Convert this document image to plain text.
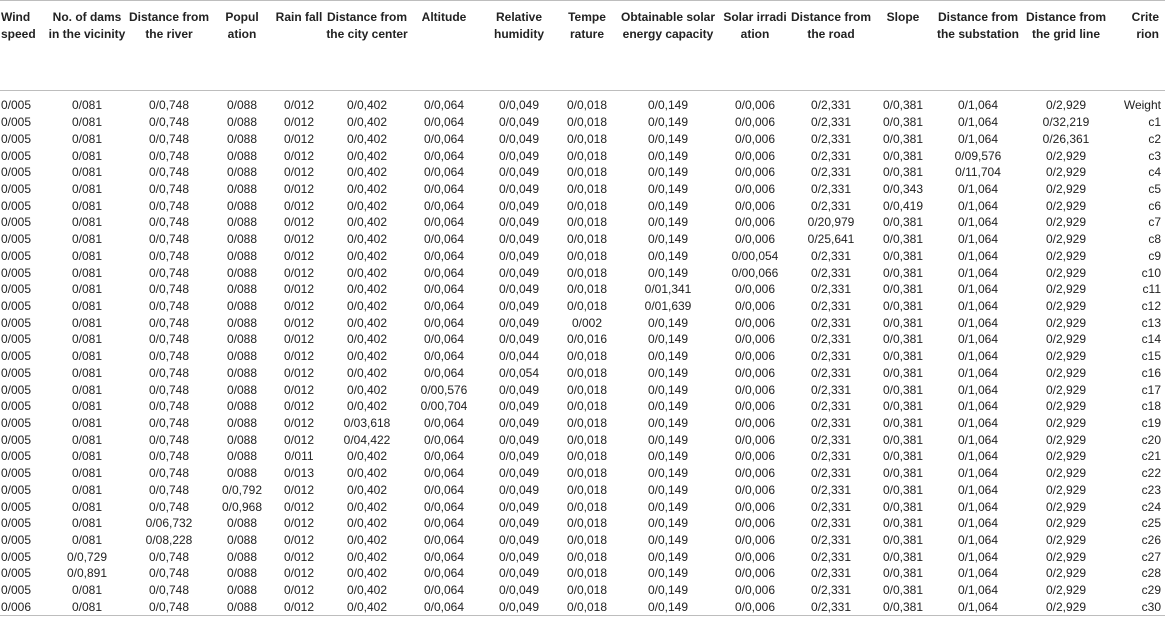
Wind speed	No. of dams in the vicinity	Distance from the river	Popul ation	Rain fall	Distance from the city center	Altitude	Relative humidity	Tempe rature	Obtainable solar energy capacity	Solar irradi ation	Distance from the road	Slope	Distance from the substation	Distance from the grid line	Crite rion

0/005	0/081	0/0,748	0/088	0/012	0/0,402	0/0,064	0/0,049	0/0,018	0/0,149	0/0,006	0/2,331	0/0,381	0/1,064	0/2,929	Weight
0/005	0/081	0/0,748	0/088	0/012	0/0,402	0/0,064	0/0,049	0/0,018	0/0,149	0/0,006	0/2,331	0/0,381	0/1,064	0/32,219	c1
0/005	0/081	0/0,748	0/088	0/012	0/0,402	0/0,064	0/0,049	0/0,018	0/0,149	0/0,006	0/2,331	0/0,381	0/1,064	0/26,361	c2
0/005	0/081	0/0,748	0/088	0/012	0/0,402	0/0,064	0/0,049	0/0,018	0/0,149	0/0,006	0/2,331	0/0,381	0/09,576	0/2,929	c3
0/005	0/081	0/0,748	0/088	0/012	0/0,402	0/0,064	0/0,049	0/0,018	0/0,149	0/0,006	0/2,331	0/0,381	0/11,704	0/2,929	c4
0/005	0/081	0/0,748	0/088	0/012	0/0,402	0/0,064	0/0,049	0/0,018	0/0,149	0/0,006	0/2,331	0/0,343	0/1,064	0/2,929	c5
0/005	0/081	0/0,748	0/088	0/012	0/0,402	0/0,064	0/0,049	0/0,018	0/0,149	0/0,006	0/2,331	0/0,419	0/1,064	0/2,929	c6
0/005	0/081	0/0,748	0/088	0/012	0/0,402	0/0,064	0/0,049	0/0,018	0/0,149	0/0,006	0/20,979	0/0,381	0/1,064	0/2,929	c7
0/005	0/081	0/0,748	0/088	0/012	0/0,402	0/0,064	0/0,049	0/0,018	0/0,149	0/0,006	0/25,641	0/0,381	0/1,064	0/2,929	c8
0/005	0/081	0/0,748	0/088	0/012	0/0,402	0/0,064	0/0,049	0/0,018	0/0,149	0/00,054	0/2,331	0/0,381	0/1,064	0/2,929	c9
0/005	0/081	0/0,748	0/088	0/012	0/0,402	0/0,064	0/0,049	0/0,018	0/0,149	0/00,066	0/2,331	0/0,381	0/1,064	0/2,929	c10
0/005	0/081	0/0,748	0/088	0/012	0/0,402	0/0,064	0/0,049	0/0,018	0/01,341	0/0,006	0/2,331	0/0,381	0/1,064	0/2,929	c11
0/005	0/081	0/0,748	0/088	0/012	0/0,402	0/0,064	0/0,049	0/0,018	0/01,639	0/0,006	0/2,331	0/0,381	0/1,064	0/2,929	c12
0/005	0/081	0/0,748	0/088	0/012	0/0,402	0/0,064	0/0,049	0/002	0/0,149	0/0,006	0/2,331	0/0,381	0/1,064	0/2,929	c13
0/005	0/081	0/0,748	0/088	0/012	0/0,402	0/0,064	0/0,049	0/0,016	0/0,149	0/0,006	0/2,331	0/0,381	0/1,064	0/2,929	c14
0/005	0/081	0/0,748	0/088	0/012	0/0,402	0/0,064	0/0,044	0/0,018	0/0,149	0/0,006	0/2,331	0/0,381	0/1,064	0/2,929	c15
0/005	0/081	0/0,748	0/088	0/012	0/0,402	0/0,064	0/0,054	0/0,018	0/0,149	0/0,006	0/2,331	0/0,381	0/1,064	0/2,929	c16
0/005	0/081	0/0,748	0/088	0/012	0/0,402	0/00,576	0/0,049	0/0,018	0/0,149	0/0,006	0/2,331	0/0,381	0/1,064	0/2,929	c17
0/005	0/081	0/0,748	0/088	0/012	0/0,402	0/00,704	0/0,049	0/0,018	0/0,149	0/0,006	0/2,331	0/0,381	0/1,064	0/2,929	c18
0/005	0/081	0/0,748	0/088	0/012	0/03,618	0/0,064	0/0,049	0/0,018	0/0,149	0/0,006	0/2,331	0/0,381	0/1,064	0/2,929	c19
0/005	0/081	0/0,748	0/088	0/012	0/04,422	0/0,064	0/0,049	0/0,018	0/0,149	0/0,006	0/2,331	0/0,381	0/1,064	0/2,929	c20
0/005	0/081	0/0,748	0/088	0/011	0/0,402	0/0,064	0/0,049	0/0,018	0/0,149	0/0,006	0/2,331	0/0,381	0/1,064	0/2,929	c21
0/005	0/081	0/0,748	0/088	0/013	0/0,402	0/0,064	0/0,049	0/0,018	0/0,149	0/0,006	0/2,331	0/0,381	0/1,064	0/2,929	c22
0/005	0/081	0/0,748	0/0,792	0/012	0/0,402	0/0,064	0/0,049	0/0,018	0/0,149	0/0,006	0/2,331	0/0,381	0/1,064	0/2,929	c23
0/005	0/081	0/0,748	0/0,968	0/012	0/0,402	0/0,064	0/0,049	0/0,018	0/0,149	0/0,006	0/2,331	0/0,381	0/1,064	0/2,929	c24
0/005	0/081	0/06,732	0/088	0/012	0/0,402	0/0,064	0/0,049	0/0,018	0/0,149	0/0,006	0/2,331	0/0,381	0/1,064	0/2,929	c25
0/005	0/081	0/08,228	0/088	0/012	0/0,402	0/0,064	0/0,049	0/0,018	0/0,149	0/0,006	0/2,331	0/0,381	0/1,064	0/2,929	c26
0/005	0/0,729	0/0,748	0/088	0/012	0/0,402	0/0,064	0/0,049	0/0,018	0/0,149	0/0,006	0/2,331	0/0,381	0/1,064	0/2,929	c27
0/005	0/0,891	0/0,748	0/088	0/012	0/0,402	0/0,064	0/0,049	0/0,018	0/0,149	0/0,006	0/2,331	0/0,381	0/1,064	0/2,929	c28
0/005	0/081	0/0,748	0/088	0/012	0/0,402	0/0,064	0/0,049	0/0,018	0/0,149	0/0,006	0/2,331	0/0,381	0/1,064	0/2,929	c29
0/006	0/081	0/0,748	0/088	0/012	0/0,402	0/0,064	0/0,049	0/0,018	0/0,149	0/0,006	0/2,331	0/0,381	0/1,064	0/2,929	c30
